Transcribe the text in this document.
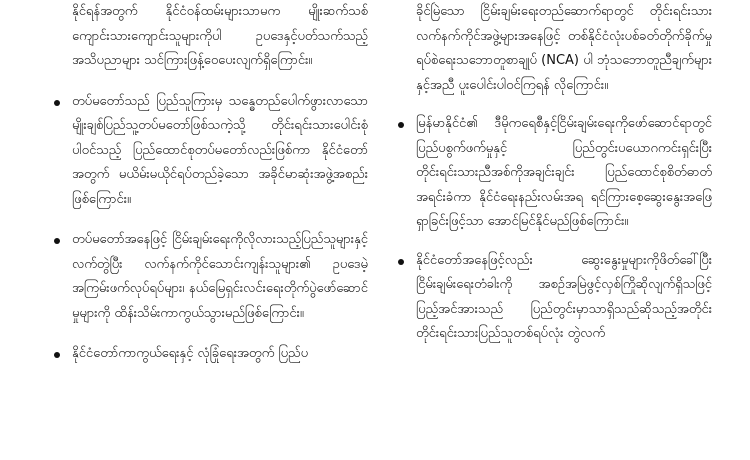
နိုင်ရန်အတွက် နိုင်ငံဝန်ထမ်းများသာမက မျိုးဆက်သစ်ကျောင်းသားကျောင်းသူများကိုပါ ဥပဒေနှင့်ပတ်သက်သည့် အသိပညာများ သင်ကြားဖြန့်ဝေပေးလျက်ရှိကြောင်း။

တပ်မတော်သည် ပြည်သူကြားမှ သန္ဓေတည်ပေါက်ဖွားလာသော မျိုးချစ်ပြည်သူ့တပ်မတော်ဖြစ်သကဲ့သို့ တိုင်းရင်းသားပေါင်းစုံပါဝင်သည့် ပြည်ထောင်စုတပ်မတော်လည်းဖြစ်ကာ နိုင်ငံတော်အတွက် မယိမ်းမယိုင်ရပ်တည်ခဲ့သော အခိုင်မာဆုံးအဖွဲ့အစည်းဖြစ်ကြောင်း။

တပ်မတော်အနေဖြင့် ငြိမ်းချမ်းရေးကိုလိုလားသည့်ပြည်သူများနှင့်လက်တွဲပြီး လက်နက်ကိုင်သောင်းကျန်းသူများ၏ ဥပဒေမဲ့အကြမ်းဖက်လုပ်ရပ်များ၊ နယ်မြေရှင်းလင်းရေးတိုက်ပွဲဖော်ဆောင်မှုများကို ထိန်းသိမ်းကာကွယ်သွားမည်ဖြစ်ကြောင်း။

နိုင်ငံတော်ကာကွယ်ရေးနှင့် လုံခြုံရေးအတွက် ပြည်ပ

ခိုင်မြဲသော ငြိမ်းချမ်းရေးတည်ဆောက်ရာတွင် တိုင်းရင်းသားလက်နက်ကိုင်အဖွဲ့များအနေဖြင့် တစ်နိုင်ငံလုံးပစ်ခတ်တိုက်ခိုက်မှုရပ်စဲရေးသဘောတူစာချုပ် (NCA) ပါ ဘုံသဘောတူညီချက်များနှင့်အညီ ပူးပေါင်းပါဝင်ကြရန် လိုကြောင်း။

မြန်မာနိုင်ငံ၏ ဒီမိုကရေစီနှင့်ငြိမ်းချမ်းရေးကိုဖော်ဆောင်ရာတွင် ပြည်ပစွက်ဖက်မှုနှင့် ပြည်တွင်းပယောဂကင်းရှင်းပြီး တိုင်းရင်းသားညီအစ်ကိုအချင်းချင်း ပြည်ထောင်စုစိတ်ဓာတ်အရင်းခံကာ နိုင်ငံရေးနည်းလမ်းအရ ရင်ကြားစေ့ဆွေးနွေးအဖြေရှာခြင်းဖြင့်သာ အောင်မြင်နိုင်မည်ဖြစ်ကြောင်း။

နိုင်ငံတော်အနေဖြင့်လည်း ဆွေးနွေးမှုများကိုဖိတ်ခေါ်ပြီး ငြိမ်းချမ်းရေးတံခါးကို အစဉ်အမြဲဖွင့်လှစ်ကြိုဆိုလျက်ရှိသဖြင့် ပြည့်အင်အားသည် ပြည်တွင်းမှာသာရှိသည်ဆိုသည့်အတိုင်း တိုင်းရင်းသားပြည်သူတစ်ရပ်လုံး တွဲလက်
